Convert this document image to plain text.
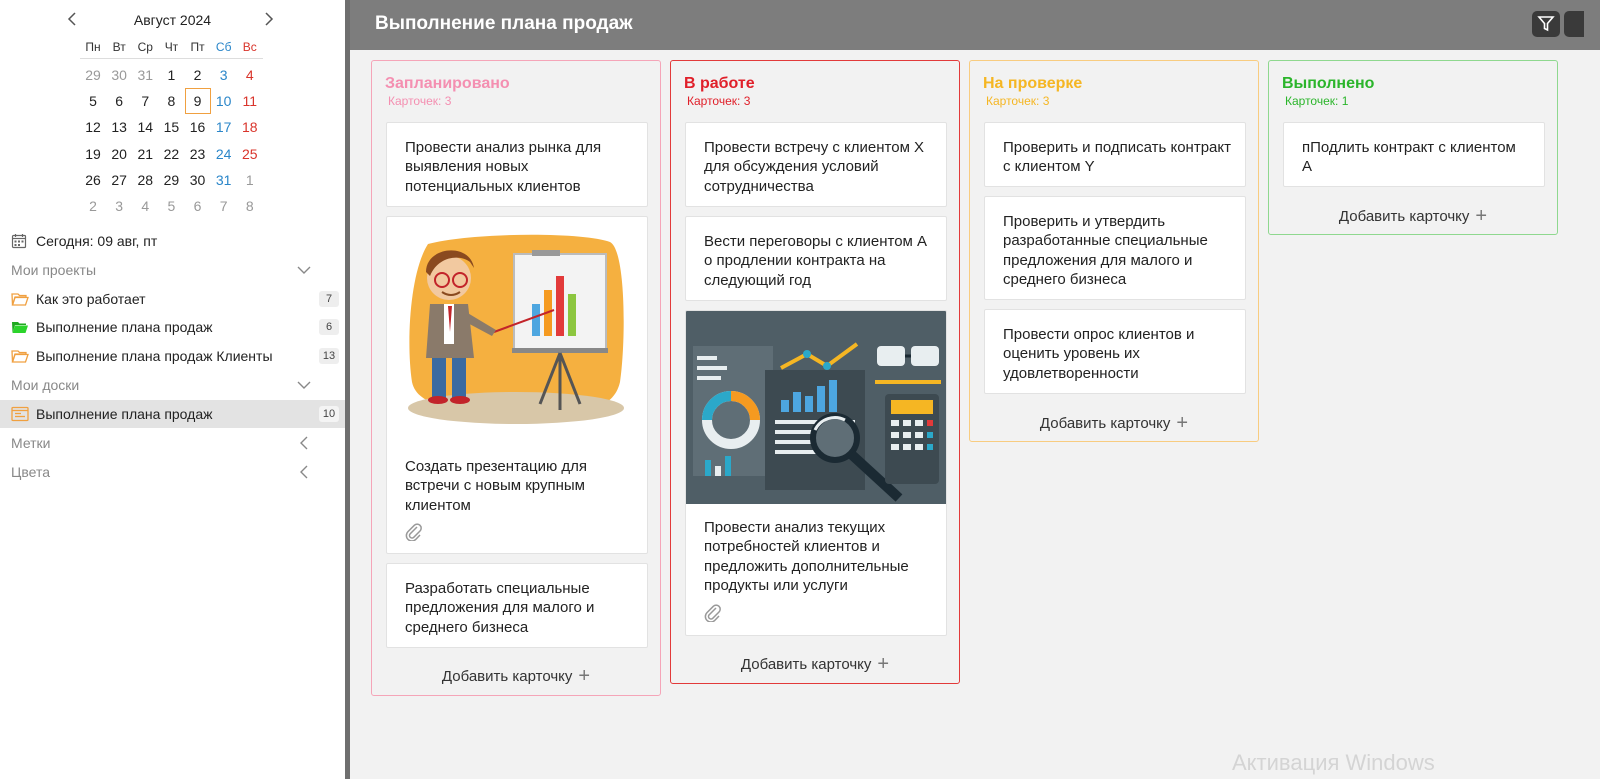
Август 2024
Пн Вт Ср Чт	Пт Сб Вс
29 30 31	1	2	3	4
5	6	7	8	9	10 11
12 13 14 15 16 17 18
19 20 21 22 23 24 25
26 27 28 29 30 31	1
2	3	4	5	6	7	8
Сегодня: 09 авг, пт
Мои проекты
Как это работает	7
Выполнение плана продаж	6
Выполнение плана продаж Клиенты	13
Мои доски
Выполнение плана продаж	10
Метки
Цвета
Выполнение плана продаж
Запланировано
Карточек: 3
Провести анализ рынка для выявления новых потенциальных клиентов
Создать презентацию для встречи с новым крупным клиентом
Разработать специальные предложения для малого и среднего бизнеса
Добавить карточку +
В работе
Карточек: 3
Провести встречу с клиентом X для обсуждения условий сотрудничества
Вести переговоры с клиентом A о продлении контракта на следующий год
Провести анализ текущих потребностей клиентов и предложить дополнительные продукты или услуги
Добавить карточку +
На проверке
Карточек: 3
Проверить и подписать контракт с клиентом Y
Проверить и утвердить разработанные специальные предложения для малого и среднего бизнеса
Провести опрос клиентов и оценить уровень их удовлетворенности
Добавить карточку +
Выполнено
Карточек: 1
пПодлить контракт с клиентом A
Добавить карточку +
Активация Windows
